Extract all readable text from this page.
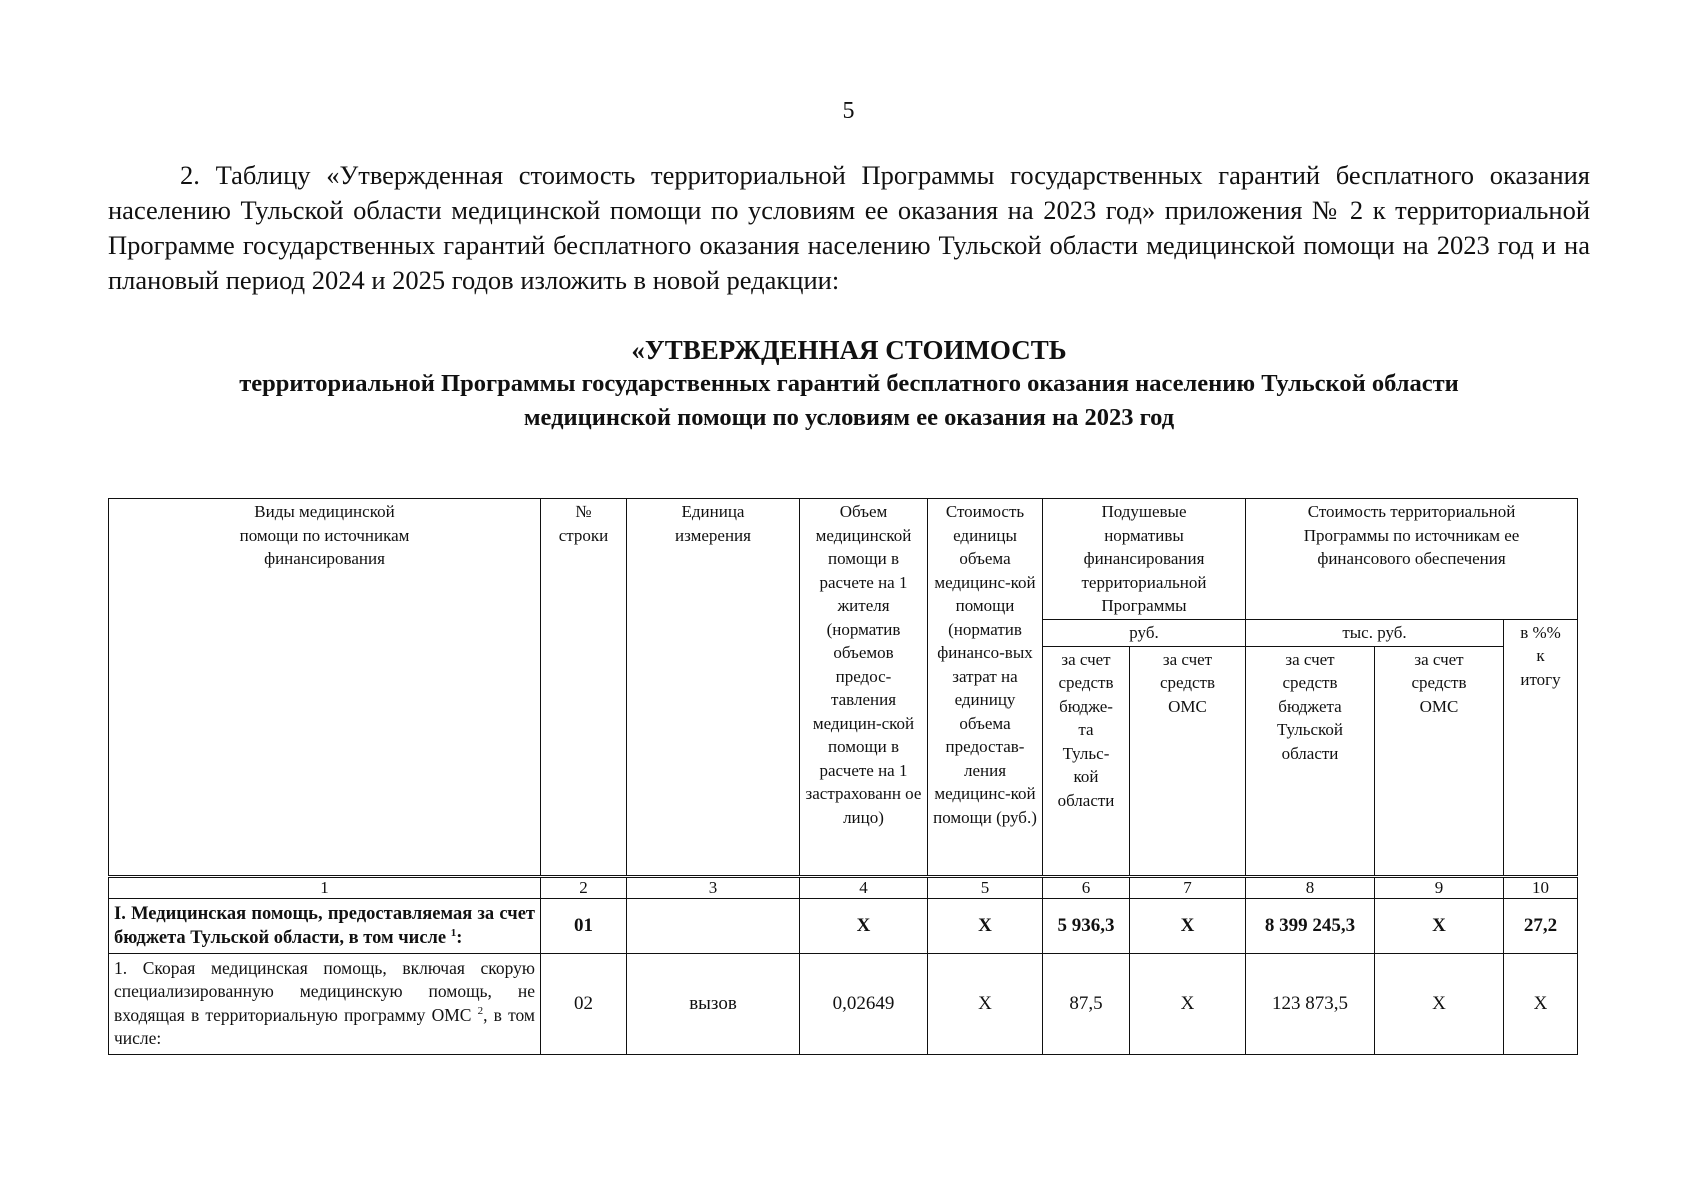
5

2. Таблицу «Утвержденная стоимость территориальной Программы государственных гарантий бесплатного оказания населению Тульской области медицинской помощи по условиям ее оказания на 2023 год» приложения № 2 к территориальной Программе государственных гарантий бесплатного оказания населению Тульской области медицинской помощи на 2023 год и на плановый период 2024 и 2025 годов изложить в новой редакции:

«УТВЕРЖДЕННАЯ СТОИМОСТЬ
территориальной Программы государственных гарантий бесплатного оказания населению Тульской области
медицинской помощи по условиям ее оказания на 2023 год
Виды медицинской помощи по источникам финансирования	№ строки	Единица измерения	Объем медицинской помощи в расчете на 1 жителя (норматив объемов предос-тавления медицин-ской помощи в расчете на 1 застрахованн ое лицо)	Стоимость единицы объема медицинс-кой помощи (норматив финансо-вых затрат на единицу объема предостав-ления медицинс-кой помощи (руб.)	Подушевые нормативы финансирования территориальной Программы		Стоимость территориальной Программы по источникам ее финансового обеспечения		

					руб.		тыс. руб.		в %% к итогу

					за счет средств бюдже-та Тульс-кой области	за счет средств ОМС	за счет средств бюджета Тульской области	за счет средств ОМС	

1	2	3	4	5	6	7	8	9	10
I. Медицинская помощь, предоставляемая за счет бюджета Тульской области, в том числе $^1$:	01		Х	Х	5 936,3	Х	8 399 245,3	Х	27,2
1. Скорая медицинская помощь, включая скорую специализированную медицинскую помощь, не входящая в территориальную программу ОМС $^2$, в том числе:	02	вызов	0,02649	Х	87,5	Х	123 873,5	Х	Х
